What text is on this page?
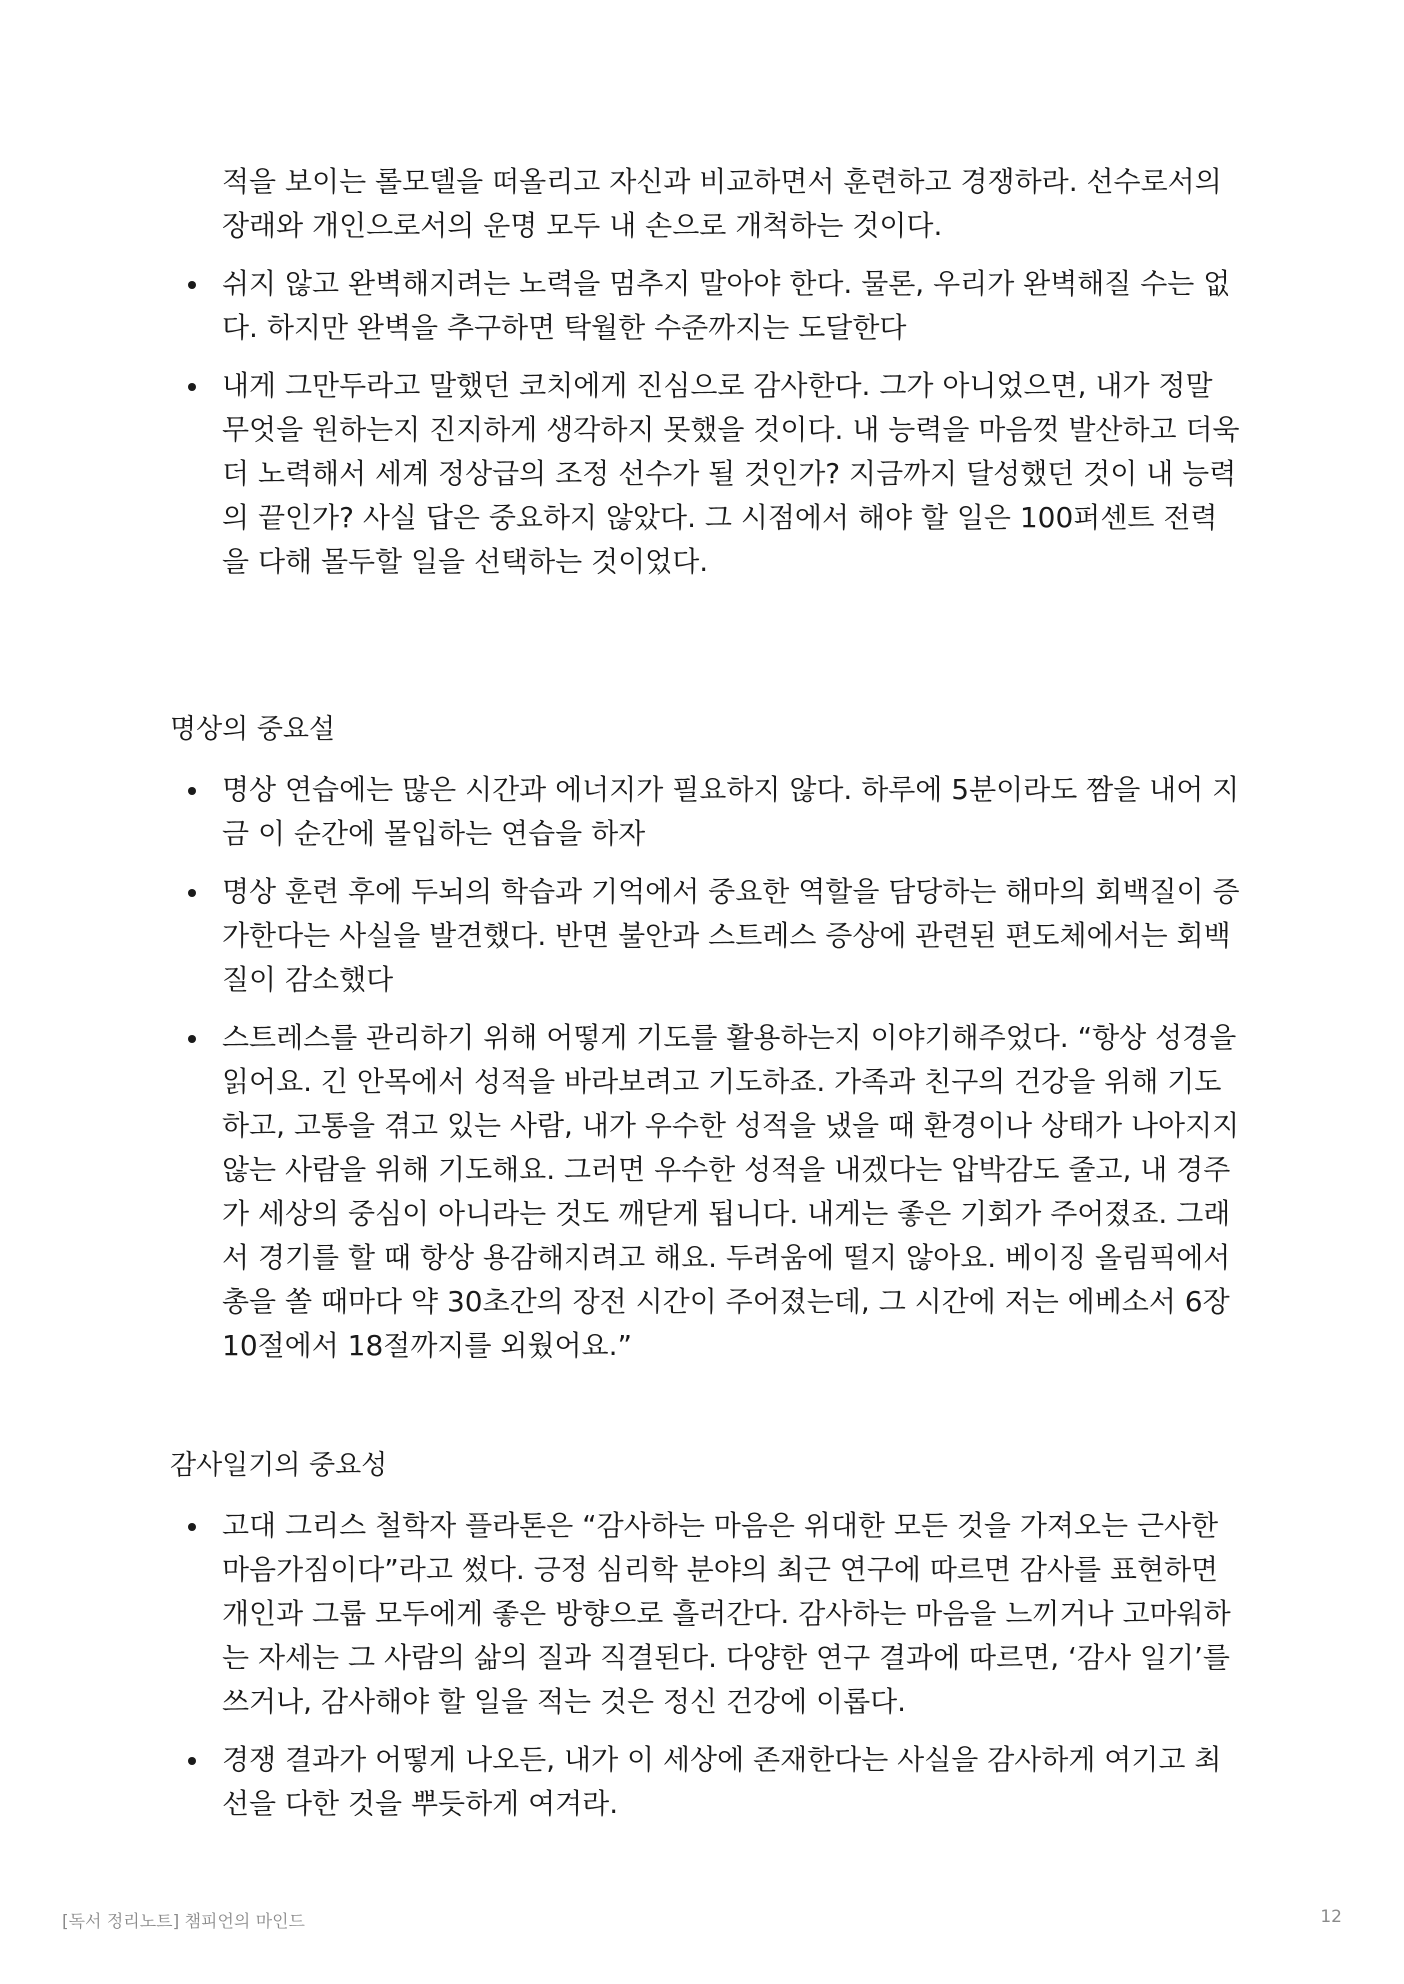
적을 보이는 롤모델을 떠올리고 자신과 비교하면서 훈련하고 경쟁하라. 선수로서의 장래와 개인으로서의 운명 모두 내 손으로 개척하는 것이다.
쉬지 않고 완벽해지려는 노력을 멈추지 말아야 한다. 물론, 우리가 완벽해질 수는 없다. 하지만 완벽을 추구하면 탁월한 수준까지는 도달한다
내게 그만두라고 말했던 코치에게 진심으로 감사한다. 그가 아니었으면, 내가 정말 무엇을 원하는지 진지하게 생각하지 못했을 것이다. 내 능력을 마음껏 발산하고 더욱더 노력해서 세계 정상급의 조정 선수가 될 것인가? 지금까지 달성했던 것이 내 능력의 끝인가? 사실 답은 중요하지 않았다. 그 시점에서 해야 할 일은 100퍼센트 전력을 다해 몰두할 일을 선택하는 것이었다.
명상의 중요설
명상 연습에는 많은 시간과 에너지가 필요하지 않다. 하루에 5분이라도 짬을 내어 지금 이 순간에 몰입하는 연습을 하자
명상 훈련 후에 두뇌의 학습과 기억에서 중요한 역할을 담당하는 해마의 회백질이 증가한다는 사실을 발견했다. 반면 불안과 스트레스 증상에 관련된 편도체에서는 회백질이 감소했다
스트레스를 관리하기 위해 어떻게 기도를 활용하는지 이야기해주었다. “항상 성경을 읽어요. 긴 안목에서 성적을 바라보려고 기도하죠. 가족과 친구의 건강을 위해 기도하고, 고통을 겪고 있는 사람, 내가 우수한 성적을 냈을 때 환경이나 상태가 나아지지 않는 사람을 위해 기도해요. 그러면 우수한 성적을 내겠다는 압박감도 줄고, 내 경주가 세상의 중심이 아니라는 것도 깨닫게 됩니다. 내게는 좋은 기회가 주어졌죠. 그래서 경기를 할 때 항상 용감해지려고 해요. 두려움에 떨지 않아요. 베이징 올림픽에서 총을 쏠 때마다 약 30초간의 장전 시간이 주어졌는데, 그 시간에 저는 에베소서 6장 10절에서 18절까지를 외웠어요.”
감사일기의 중요성
고대 그리스 철학자 플라톤은 “감사하는 마음은 위대한 모든 것을 가져오는 근사한 마음가짐이다”라고 썼다. 긍정 심리학 분야의 최근 연구에 따르면 감사를 표현하면 개인과 그룹 모두에게 좋은 방향으로 흘러간다. 감사하는 마음을 느끼거나 고마워하는 자세는 그 사람의 삶의 질과 직결된다. 다양한 연구 결과에 따르면, ‘감사 일기’를 쓰거나, 감사해야 할 일을 적는 것은 정신 건강에 이롭다.
경쟁 결과가 어떻게 나오든, 내가 이 세상에 존재한다는 사실을 감사하게 여기고 최선을 다한 것을 뿌듯하게 여겨라.
[독서 정리노트] 챔피언의 마인드	12
